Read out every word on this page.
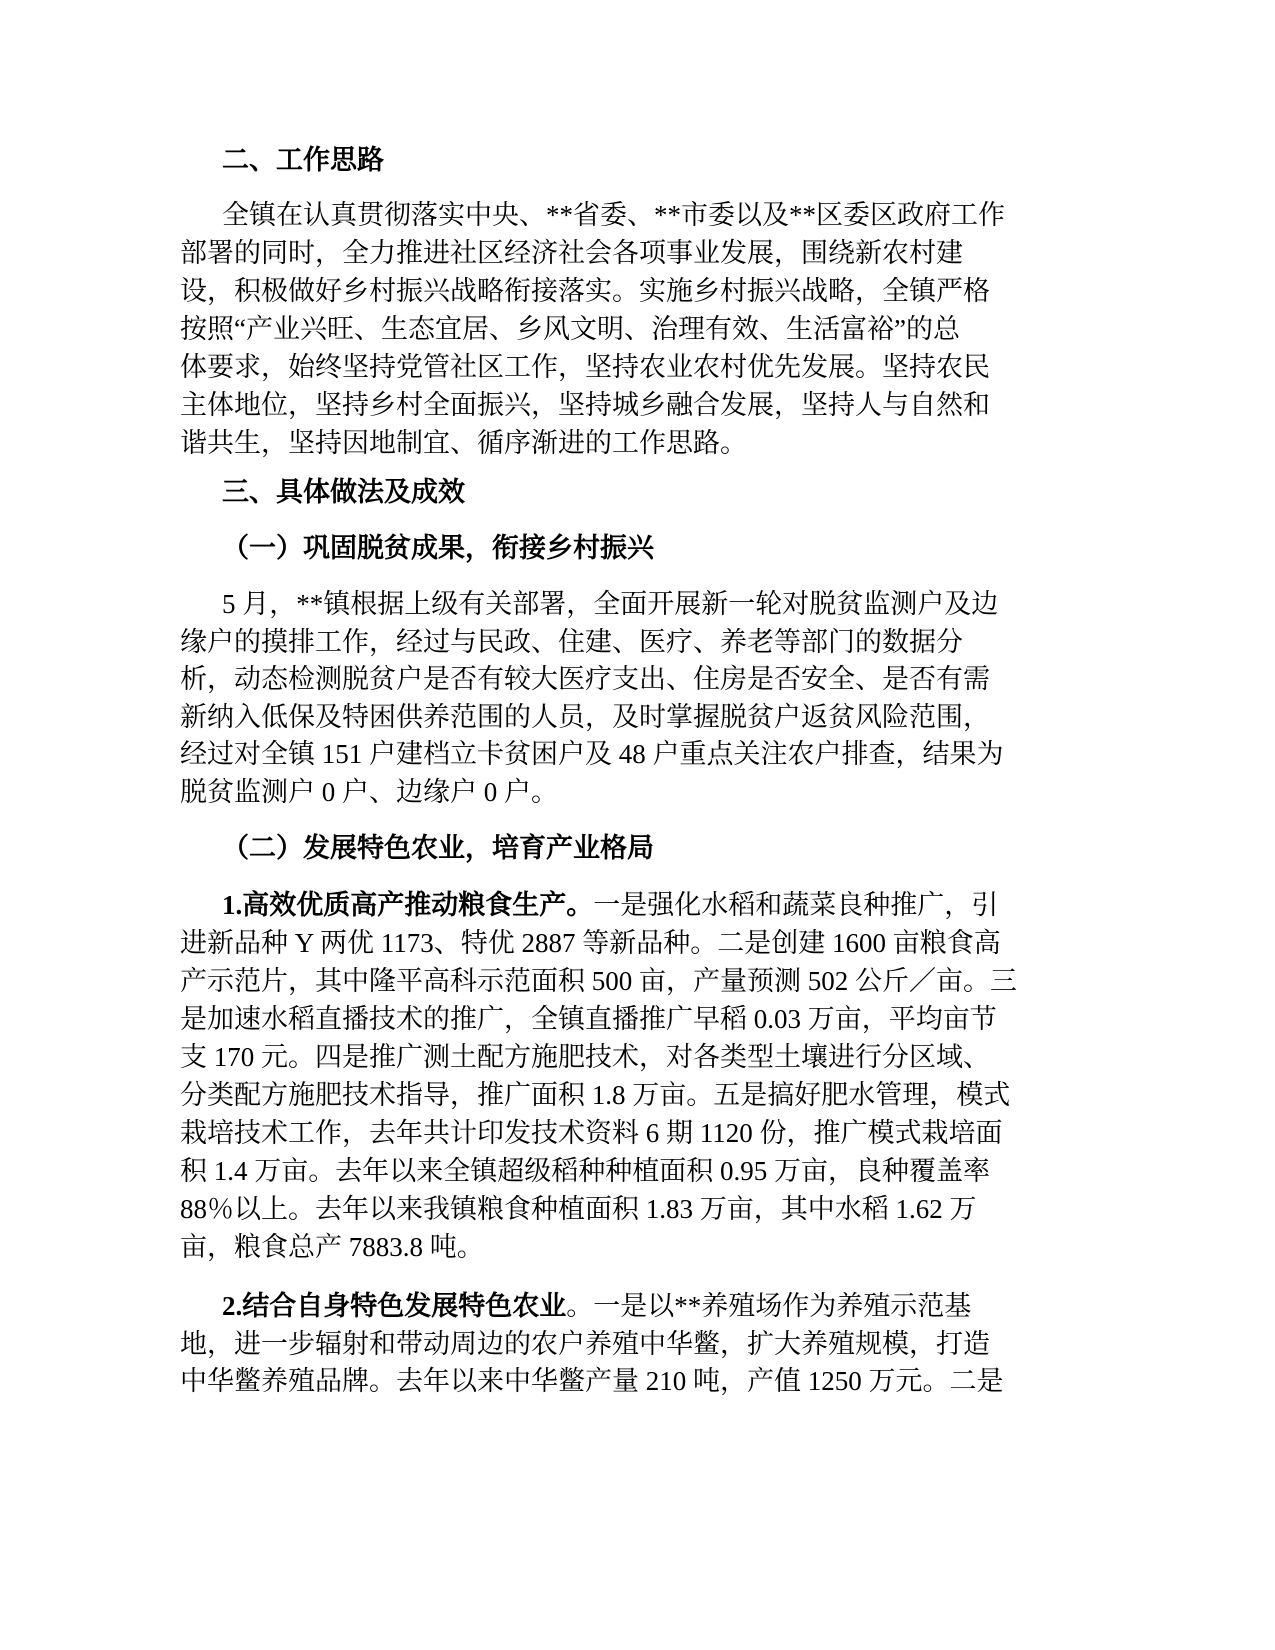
二、工作思路
全镇在认真贯彻落实中央、**省委、**市委以及**区委区政府工作
部署的同时，全力推进社区经济社会各项事业发展，围绕新农村建
设，积极做好乡村振兴战略衔接落实。实施乡村振兴战略，全镇严格
按照“产业兴旺、生态宜居、乡风文明、治理有效、生活富裕”的总
体要求，始终坚持党管社区工作，坚持农业农村优先发展。坚持农民
主体地位，坚持乡村全面振兴，坚持城乡融合发展，坚持人与自然和
谐共生，坚持因地制宜、循序渐进的工作思路。
三、具体做法及成效
（一）巩固脱贫成果，衔接乡村振兴
5 月，**镇根据上级有关部署，全面开展新一轮对脱贫监测户及边
缘户的摸排工作，经过与民政、住建、医疗、养老等部门的数据分
析，动态检测脱贫户是否有较大医疗支出、住房是否安全、是否有需
新纳入低保及特困供养范围的人员，及时掌握脱贫户返贫风险范围，
经过对全镇 151 户建档立卡贫困户及 48 户重点关注农户排查，结果为
脱贫监测户 0 户、边缘户 0 户。
（二）发展特色农业，培育产业格局
1.高效优质高产推动粮食生产。一是强化水稻和蔬菜良种推广，引
进新品种 Y 两优 1173、特优 2887 等新品种。二是创建 1600 亩粮食高
产示范片，其中隆平高科示范面积 500 亩，产量预测 502 公斤／亩。三
是加速水稻直播技术的推广，全镇直播推广早稻 0.03 万亩，平均亩节
支 170 元。四是推广测土配方施肥技术，对各类型土壤进行分区域、
分类配方施肥技术指导，推广面积 1.8 万亩。五是搞好肥水管理，模式
栽培技术工作，去年共计印发技术资料 6 期 1120 份，推广模式栽培面
积 1.4 万亩。去年以来全镇超级稻种种植面积 0.95 万亩，良种覆盖率
88％以上。去年以来我镇粮食种植面积 1.83 万亩，其中水稻 1.62 万
亩，粮食总产 7883.8 吨。
2.结合自身特色发展特色农业。一是以**养殖场作为养殖示范基
地，进一步辐射和带动周边的农户养殖中华鳖，扩大养殖规模，打造
中华鳖养殖品牌。去年以来中华鳖产量 210 吨，产值 1250 万元。二是
